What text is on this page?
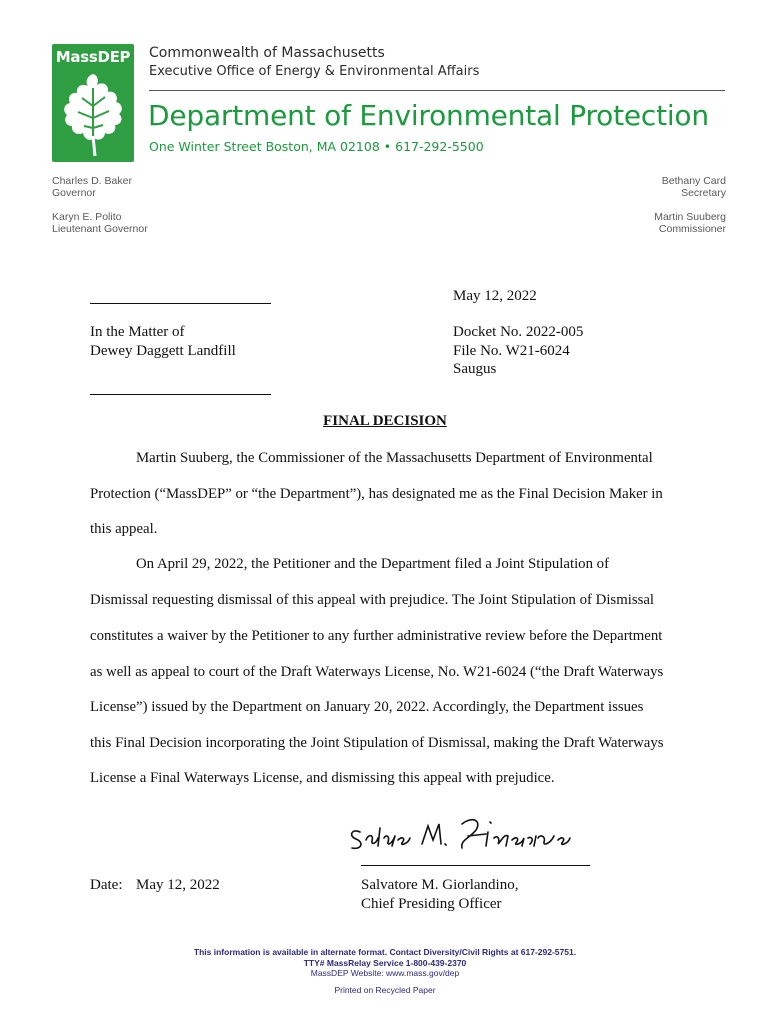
MassDEP Commonwealth of Massachusetts
Executive Office of Energy & Environmental Affairs
Department of Environmental Protection
One Winter Street Boston, MA 02108 • 617-292-5500
Charles D. Baker
Governor
Karyn E. Polito
Lieutenant Governor
Bethany Card
Secretary
Martin Suuberg
Commissioner
May 12, 2022
In the Matter of
Dewey Daggett Landfill
Docket No. 2022-005
File No. W21-6024
Saugus
FINAL DECISION
Martin Suuberg, the Commissioner of the Massachusetts Department of Environmental
Protection (“MassDEP” or “the Department”), has designated me as the Final Decision Maker in
this appeal.
On April 29, 2022, the Petitioner and the Department filed a Joint Stipulation of
Dismissal requesting dismissal of this appeal with prejudice. The Joint Stipulation of Dismissal
constitutes a waiver by the Petitioner to any further administrative review before the Department
as well as appeal to court of the Draft Waterways License, No. W21-6024 (“the Draft Waterways
License”) issued by the Department on January 20, 2022. Accordingly, the Department issues
this Final Decision incorporating the Joint Stipulation of Dismissal, making the Draft Waterways
License a Final Waterways License, and dismissing this appeal with prejudice.
Date: May 12, 2022	Salvatore M. Giorlandino,
Chief Presiding Officer
This information is available in alternate format. Contact Diversity/Civil Rights at 617-292-5751.
TTY# MassRelay Service 1-800-439-2370
MassDEP Website: www.mass.gov/dep
Printed on Recycled Paper
